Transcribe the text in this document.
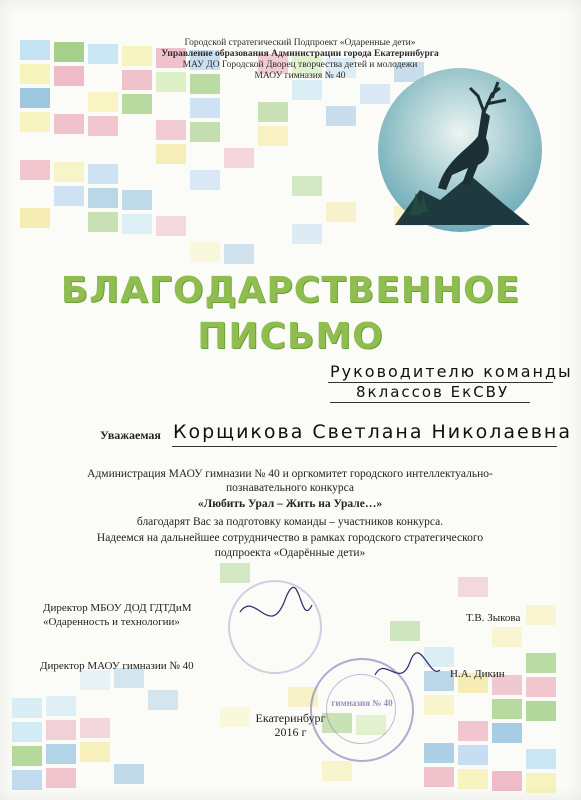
Городской стратегический Подпроект «Одаренные дети»
Управление образования Администрации города Екатеринбурга
МАУ ДО Городской Дворец творчества детей и молодежи
МАОУ гимназия № 40
БЛАГОДАРСТВЕННОЕ
ПИСЬМО
Руководителю команды
8классов ЕкСВУ
Уважаемая Корщикова Светлана Николаевна
Администрация МАОУ гимназии № 40 и оргкомитет городского интеллектуально-
познавательного конкурса
«Любить Урал – Жить на Урале…»
благодарят Вас за подготовку команды – участников конкурса.
Надеемся на дальнейшее сотрудничество в рамках городского стратегического
подпроекта «Одарённые дети»
Директор МБОУ ДОД ГДТДиМ
«Одаренность и технологии»	Т.В. Зыкова
Директор МАОУ гимназии № 40
Н.А. Дикин
гимназия № 40
Екатеринбург
2016 г
